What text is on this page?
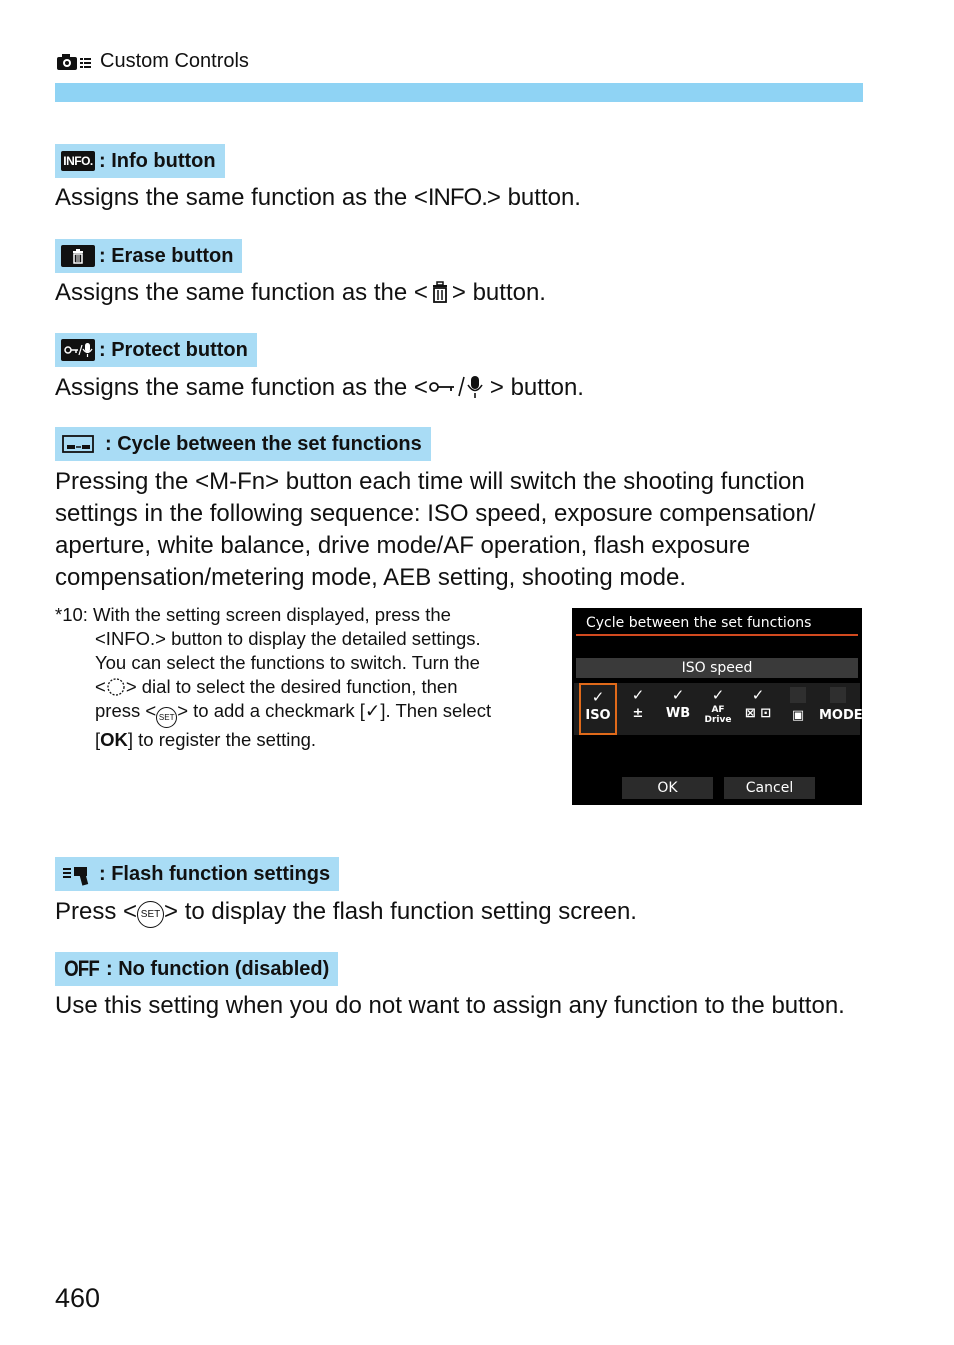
Custom Controls
INFO. : Info button

Assigns the same function as the <INFO.> button.

: Erase button

Assigns the same function as the < > button.

: Protect button

Assigns the same function as the <	> button.

: Cycle between the set functions

Pressing the <M-Fn> button each time will switch the shooting function settings in the following sequence: ISO speed, exposure compensation/ aperture, white balance, drive mode/AF operation, flash exposure compensation/metering mode, AEB setting, shooting mode.

*10: With the setting screen displayed, press the
<INFO.> button to display the detailed settings.
You can select the functions to switch. Turn the
< > dial to select the desired function, then
press < SET > to add a checkmark [✓]. Then select
[OK] to register the setting.
Cycle between the set functions
ISO speed
✓
ISO
✓
±
✓
WB
✓
AF Drive
✓
⊠ ⊡	▣	MODE
OK	Cancel
: Flash function settings

Press < SET > to display the flash function setting screen.

OFF : No function (disabled)

Use this setting when you do not want to assign any function to the button.

460
